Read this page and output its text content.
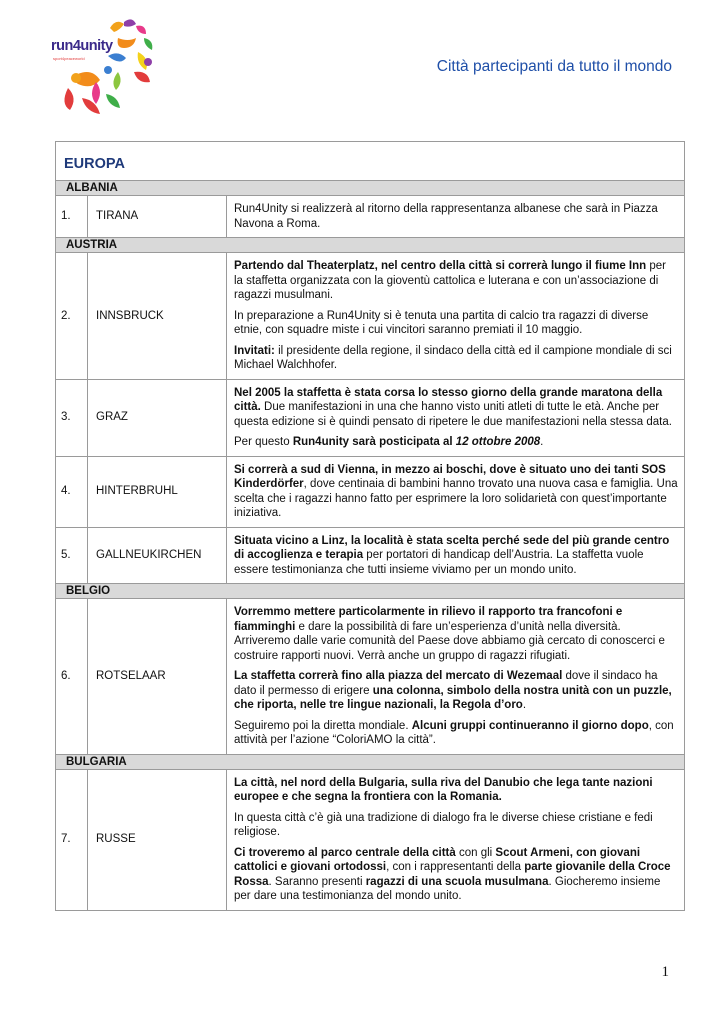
run4unity
sport4peaceworld	Città partecipanti da tutto il mondo
EUROPA		
ALBANIA		
1.	TIRANA	Run4Unity si realizzerà al ritorno della rappresentanza albanese che sarà in Piazza Navona a Roma.

AUSTRIA		
2.	INNSBRUCK	Partendo dal Theaterplatz, nel centro della città si correrà lungo il fiume Inn per la staffetta organizzata con la gioventù cattolica e luterana e con un’associazione di ragazzi musulmani.

In preparazione a Run4Unity si è tenuta una partita di calcio tra ragazzi di diverse etnie, con squadre miste i cui vincitori saranno premiati il 10 maggio.

Invitati: il presidente della regione, il sindaco della città ed il campione mondiale di sci Michael Walchhofer.

3.	GRAZ	Nel 2005 la staffetta è stata corsa lo stesso giorno della grande maratona della città. Due manifestazioni in una che hanno visto uniti atleti di tutte le età. Anche per questa edizione si è quindi pensato di ripetere le due manifestazioni nella stessa data.

Per questo Run4unity sarà posticipata al 12 ottobre 2008.

4.	HINTERBRUHL	Si correrà a sud di Vienna, in mezzo ai boschi, dove è situato uno dei tanti SOS Kinderdörfer, dove centinaia di bambini hanno trovato una nuova casa e famiglia. Una scelta che i ragazzi hanno fatto per esprimere la loro solidarietà con quest’importante iniziativa.

5.	GALLNEUKIRCHEN	Situata vicino a Linz, la località è stata scelta perché sede del più grande centro di accoglienza e terapia per portatori di handicap dell’Austria. La staffetta vuole essere testimonianza che tutti insieme viviamo per un mondo unito.

BELGIO		
6.	ROTSELAAR	Vorremmo mettere particolarmente in rilievo il rapporto tra francofoni e fiamminghi e dare la possibilità di fare un’esperienza d’unità nella diversità. Arriveremo dalle varie comunità del Paese dove abbiamo già cercato di conoscerci e costruire rapporti nuovi. Verrà anche un gruppo di ragazzi rifugiati.

La staffetta correrà fino alla piazza del mercato di Wezemaal dove il sindaco ha dato il permesso di erigere una colonna, simbolo della nostra unità con un puzzle, che riporta, nelle tre lingue nazionali, la Regola d’oro.

Seguiremo poi la diretta mondiale. Alcuni gruppi continueranno il giorno dopo, con attività per l’azione “ColoriAMO la città”.

BULGARIA		
7.	RUSSE	La città, nel nord della Bulgaria, sulla riva del Danubio che lega tante nazioni europee e che segna la frontiera con la Romania.

In questa città c’è già una tradizione di dialogo fra le diverse chiese cristiane e fedi religiose.

Ci troveremo al parco centrale della città con gli Scout Armeni, con giovani cattolici e giovani ortodossi, con i rappresentanti della parte giovanile della Croce Rossa. Saranno presenti ragazzi di una scuola musulmana. Giocheremo insieme per dare una testimonianza del mondo unito.

1
